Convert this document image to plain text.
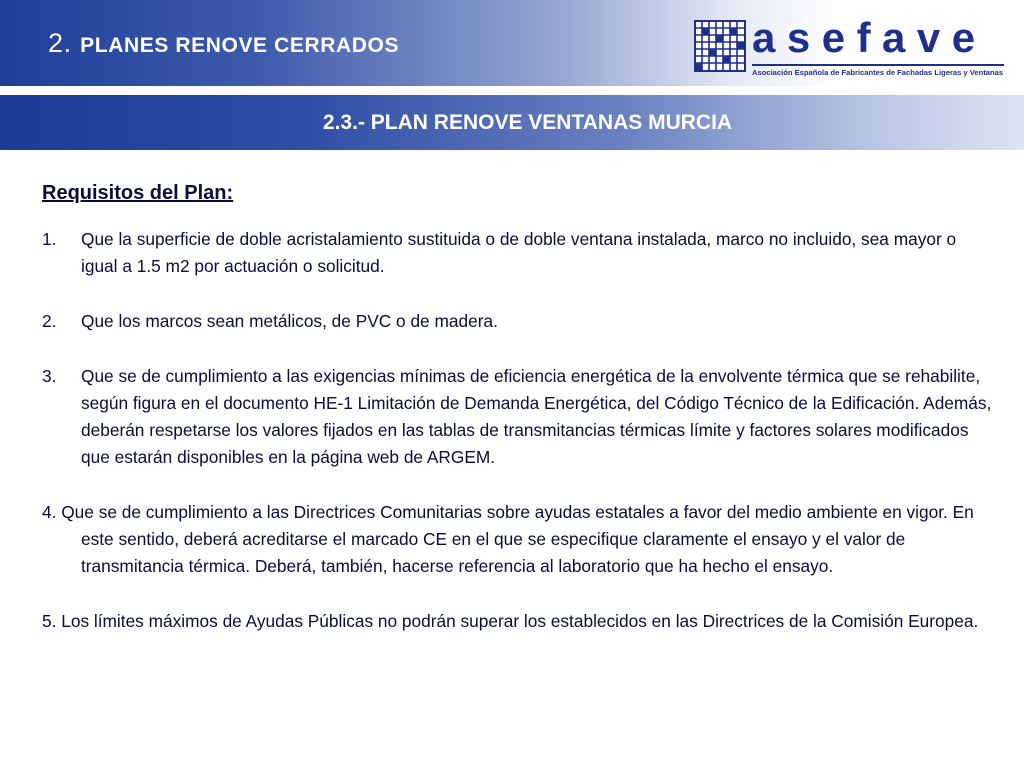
2. PLANES RENOVE CERRADOS	asefave
Asociación Española de Fabricantes de Fachadas Ligeras y Ventanas
2.3.- PLAN RENOVE VENTANAS MURCIA
Requisitos del Plan:
1. Que la superficie de doble acristalamiento sustituida o de doble ventana instalada, marco no incluido, sea mayor o igual a 1.5 m2 por actuación o solicitud.
2. Que los marcos sean metálicos, de PVC o de madera.
3. Que se de cumplimiento a las exigencias mínimas de eficiencia energética de la envolvente térmica que se rehabilite, según figura en el documento HE-1 Limitación de Demanda Energética, del Código Técnico de la Edificación. Además, deberán respetarse los valores fijados en las tablas de transmitancias térmicas límite y factores solares modificados que estarán disponibles en la página web de ARGEM.
4. Que se de cumplimiento a las Directrices Comunitarias sobre ayudas estatales a favor del medio ambiente en vigor. En este sentido, deberá acreditarse el marcado CE en el que se especifique claramente el ensayo y el valor de transmitancia térmica. Deberá, también, hacerse referencia al laboratorio que ha hecho el ensayo.
5. Los límites máximos de Ayudas Públicas no podrán superar los establecidos en las Directrices de la Comisión Europea.
